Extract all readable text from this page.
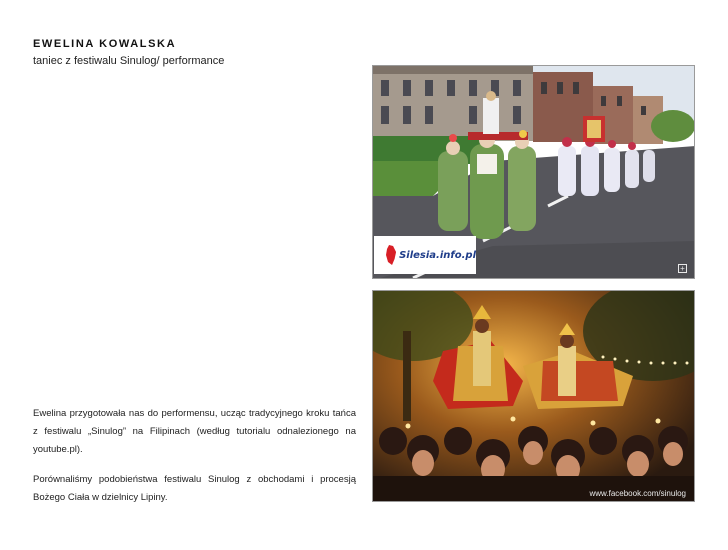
EWELINA KOWALSKA

taniec z festiwalu Sinulog/ performance

Ewelina przygotowała nas do performensu, ucząc tradycyjnego kroku tańca z festiwalu „Sinulog” na Filipinach (według tutorialu odnalezionego na youtube.pl).

Porównaliśmy podobieństwa festiwalu Sinulog z obchodami i procesją Bożego Ciała w dzielnicy Lipiny.

Silesia.info.pl
+
www.facebook.com/sinulog
